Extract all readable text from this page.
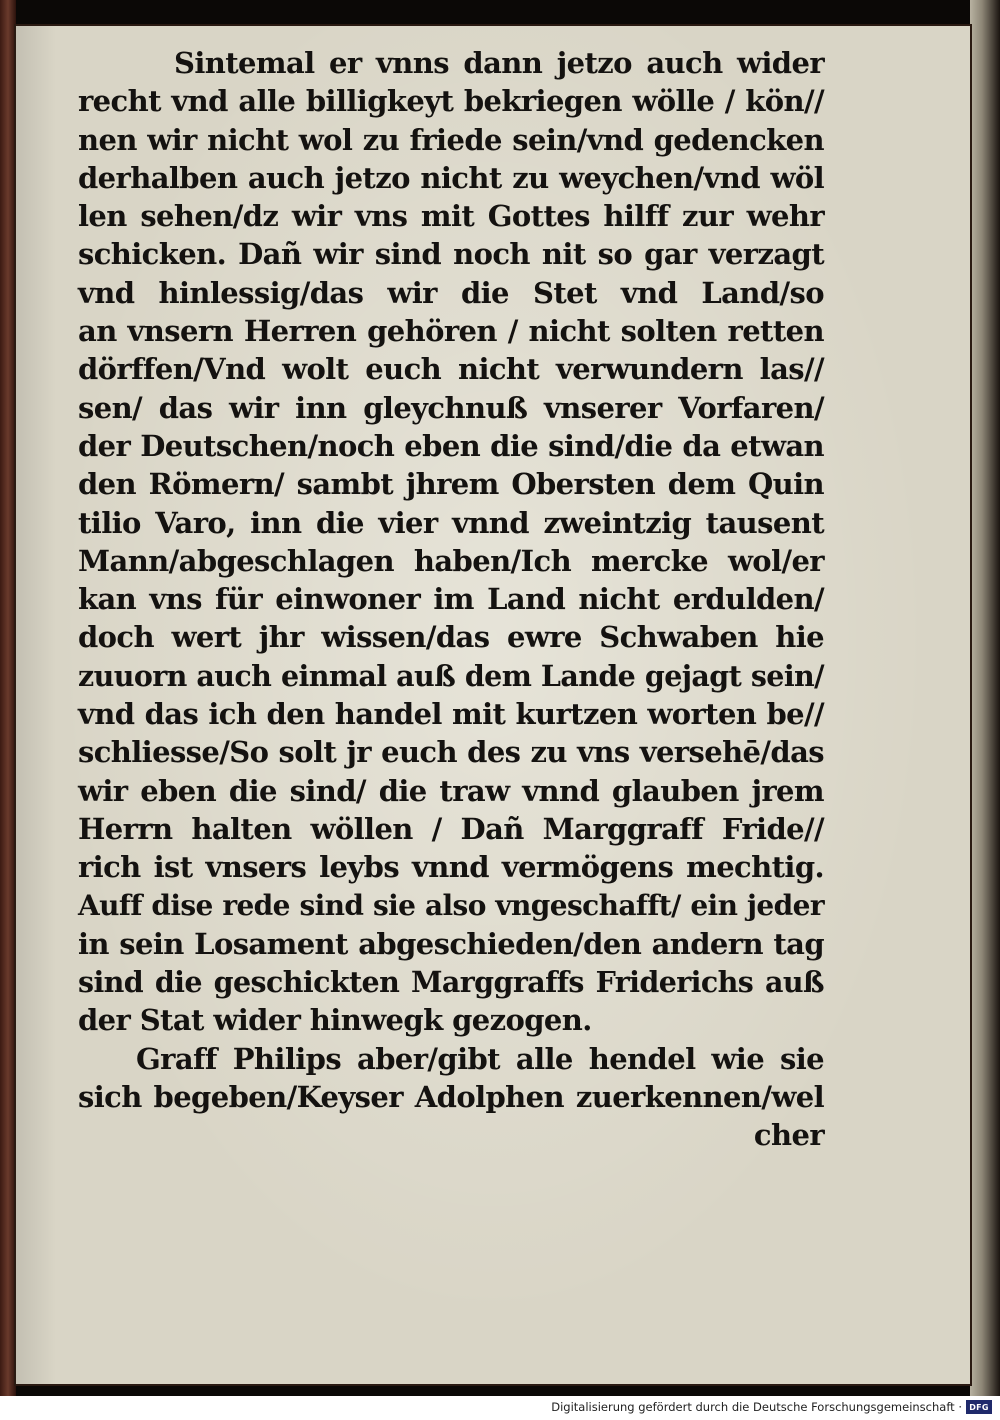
Sintemal er vnns dann jetzo auch wider
recht vnd alle billigkeyt bekriegen wölle / kön//
nen wir nicht wol zu friede sein/vnd gedencken
derhalben auch jetzo nicht zu weychen/vnd wöl
len sehen/dz wir vns mit Gottes hilff zur wehr
schicken. Dañ wir sind noch nit so gar verzagt
vnd hinlessig/das wir die Stet vnd Land/so
an vnsern Herren gehören / nicht solten retten
dörffen/Vnd wolt euch nicht verwundern las//
sen/ das wir inn gleychnuß vnserer Vorfaren/
der Deutschen/noch eben die sind/die da etwan
den Römern/ sambt jhrem Obersten dem Quin
tilio Varo, inn die vier vnnd zweintzig tausent
Mann/abgeschlagen haben/Ich mercke wol/er
kan vns für einwoner im Land nicht erdulden/
doch wert jhr wissen/das ewre Schwaben hie
zuuorn auch einmal auß dem Lande gejagt sein/
vnd das ich den handel mit kurtzen worten be//
schliesse/So solt jr euch des zu vns versehē/das
wir eben die sind/ die traw vnnd glauben jrem
Herrn halten wöllen / Dañ Marggraff Fride//
rich ist vnsers leybs vnnd vermögens mechtig.
Auff dise rede sind sie also vngeschafft/ ein jeder
in sein Losament abgeschieden/den andern tag
sind die geschickten Marggraffs Friderichs auß
der Stat wider hinwegk gezogen.
Graff Philips aber/gibt alle hendel wie sie
sich begeben/Keyser Adolphen zuerkennen/wel
cher
Digitalisierung gefördert durch die Deutsche Forschungsgemeinschaft · DFG
